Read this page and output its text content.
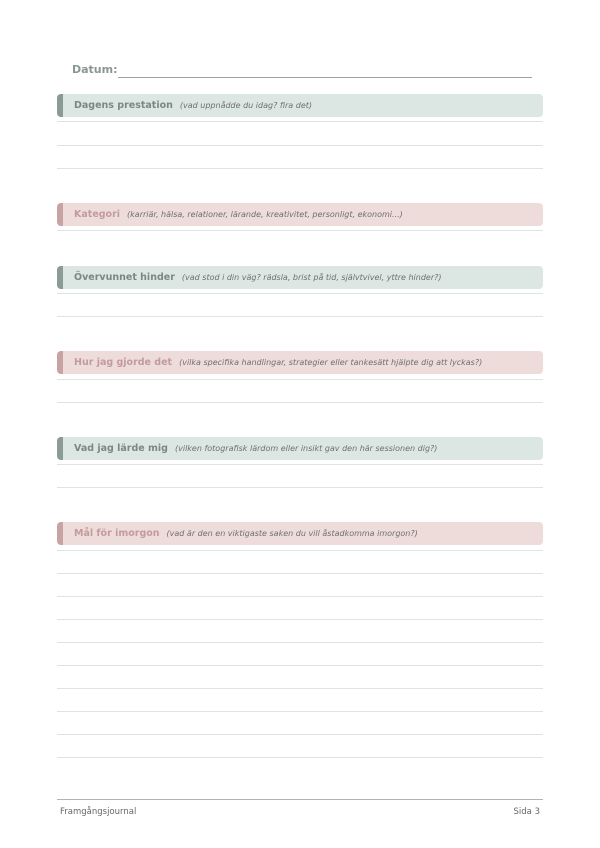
Datum:
Dagens prestation (vad uppnådde du idag? fira det)
Kategori (karriär, hälsa, relationer, lärande, kreativitet, personligt, ekonomi...)
Övervunnet hinder (vad stod i din väg? rädsla, brist på tid, självtvivel, yttre hinder?)
Hur jag gjorde det (vilka specifika handlingar, strategier eller tankesätt hjälpte dig att lyckas?)
Vad jag lärde mig (vilken fotografisk lärdom eller insikt gav den här sessionen dig?)
Mål för imorgon (vad är den en viktigaste saken du vill åstadkomma imorgon?)
Framgångsjournal	Sida 3
